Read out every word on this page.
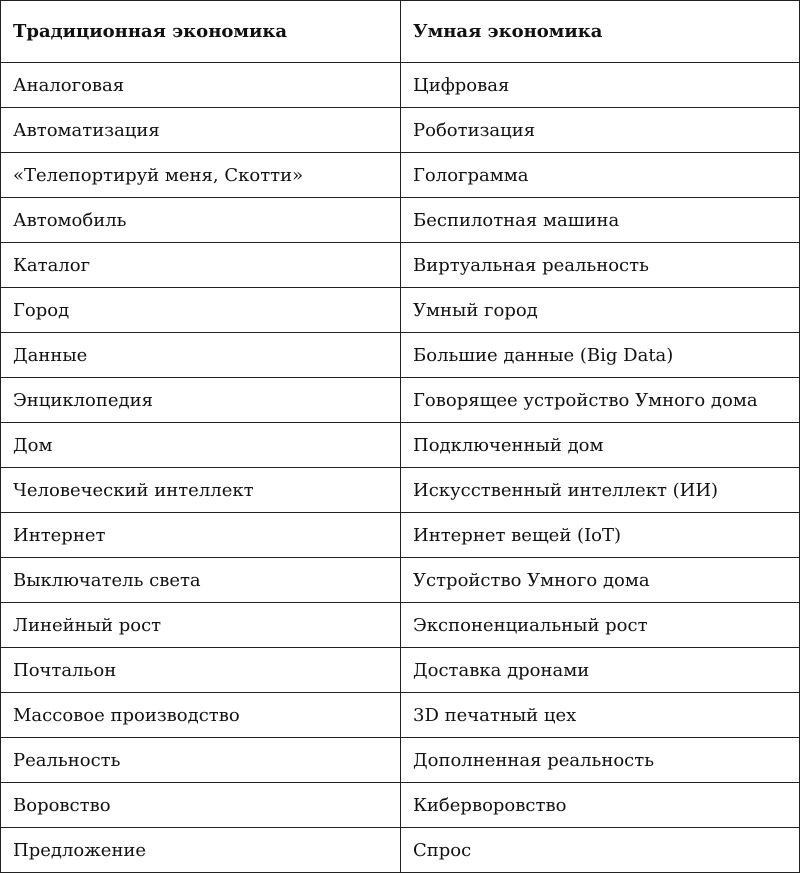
Традиционная экономика	Умная экономика
Аналоговая	Цифровая
Автоматизация	Роботизация
«Телепортируй меня, Скотти»	Голограмма
Автомобиль	Беспилотная машина
Каталог	Виртуальная реальность
Город	Умный город
Данные	Большие данные (Big Data)
Энциклопедия	Говорящее устройство Умного дома
Дом	Подключенный дом
Человеческий интеллект	Искусственный интеллект (ИИ)
Интернет	Интернет вещей (IoT)
Выключатель света	Устройство Умного дома
Линейный рост	Экспоненциальный рост
Почтальон	Доставка дронами
Массовое производство	3D печатный цех
Реальность	Дополненная реальность
Воровство	Киберворовство
Предложение	Спрос
